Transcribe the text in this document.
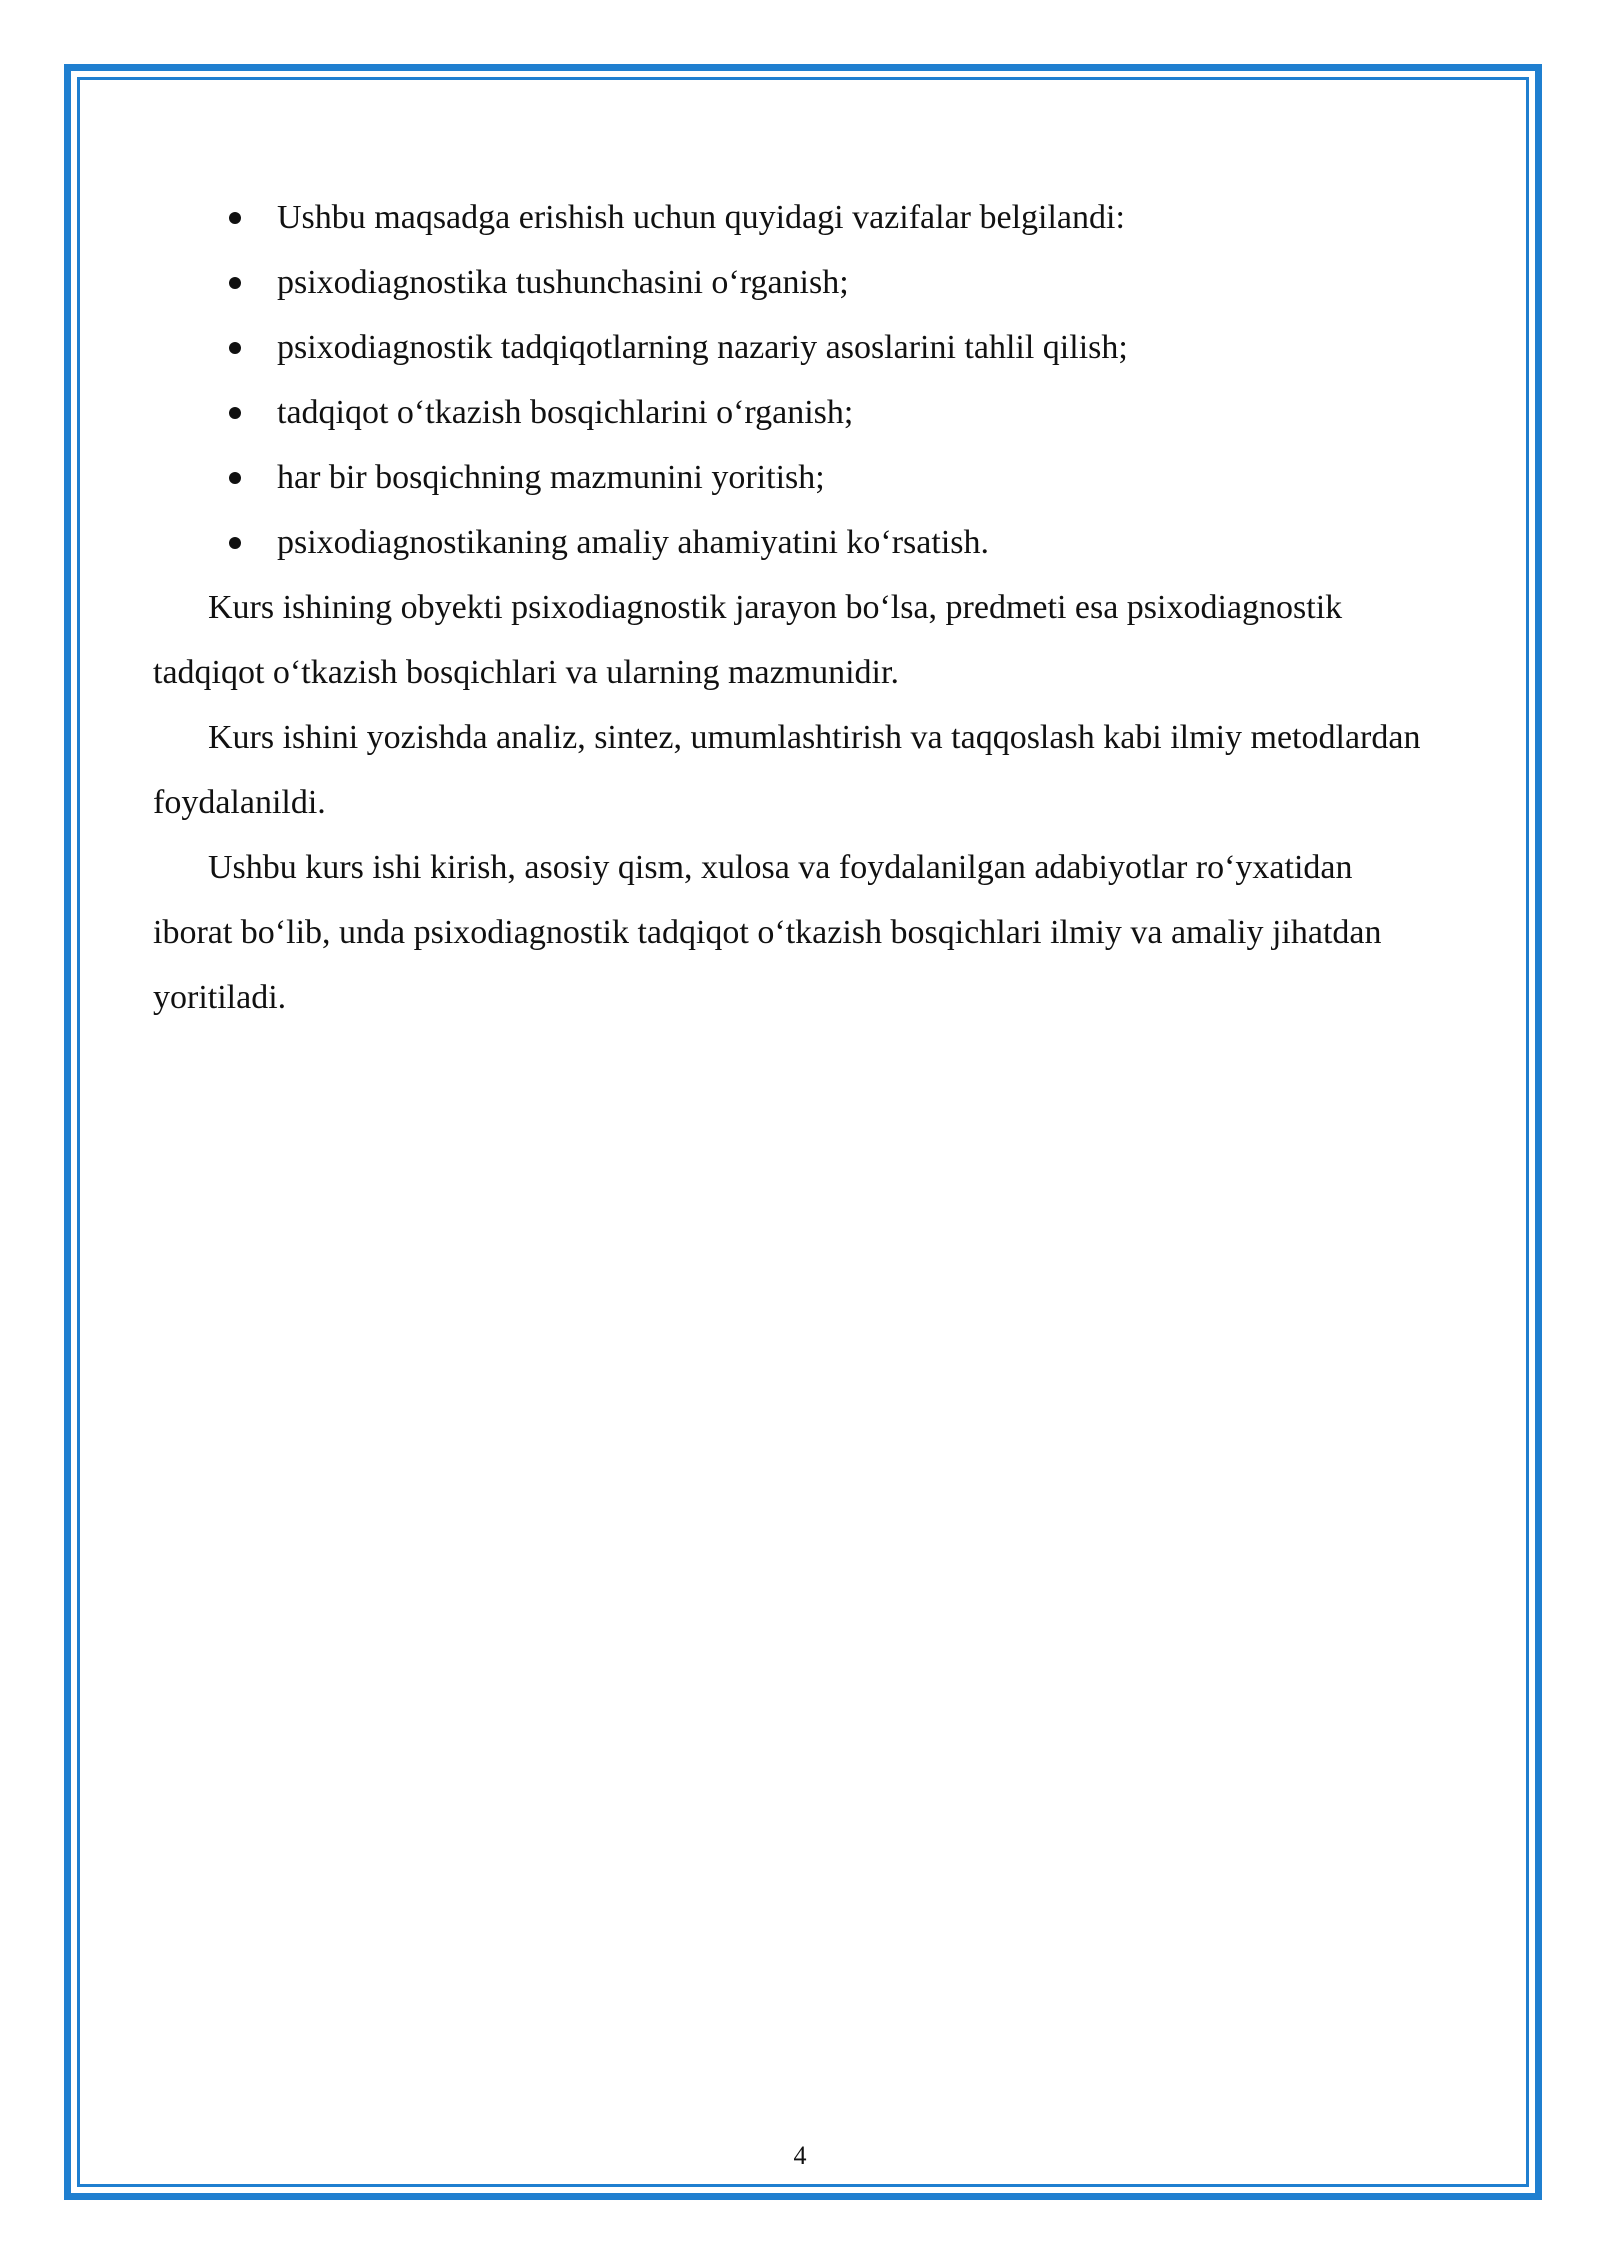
Ushbu maqsadga erishish uchun quyidagi vazifalar belgilandi:
psixodiagnostika tushunchasini o‘rganish;
psixodiagnostik tadqiqotlarning nazariy asoslarini tahlil qilish;
tadqiqot o‘tkazish bosqichlarini o‘rganish;
har bir bosqichning mazmunini yoritish;
psixodiagnostikaning amaliy ahamiyatini ko‘rsatish.

Kurs ishining obyekti psixodiagnostik jarayon bo‘lsa, predmeti esa psixodiagnostik tadqiqot o‘tkazish bosqichlari va ularning mazmunidir.

Kurs ishini yozishda analiz, sintez, umumlashtirish va taqqoslash kabi ilmiy metodlardan foydalanildi.

Ushbu kurs ishi kirish, asosiy qism, xulosa va foydalanilgan adabiyotlar ro‘yxatidan iborat bo‘lib, unda psixodiagnostik tadqiqot o‘tkazish bosqichlari ilmiy va amaliy jihatdan yoritiladi.

4
